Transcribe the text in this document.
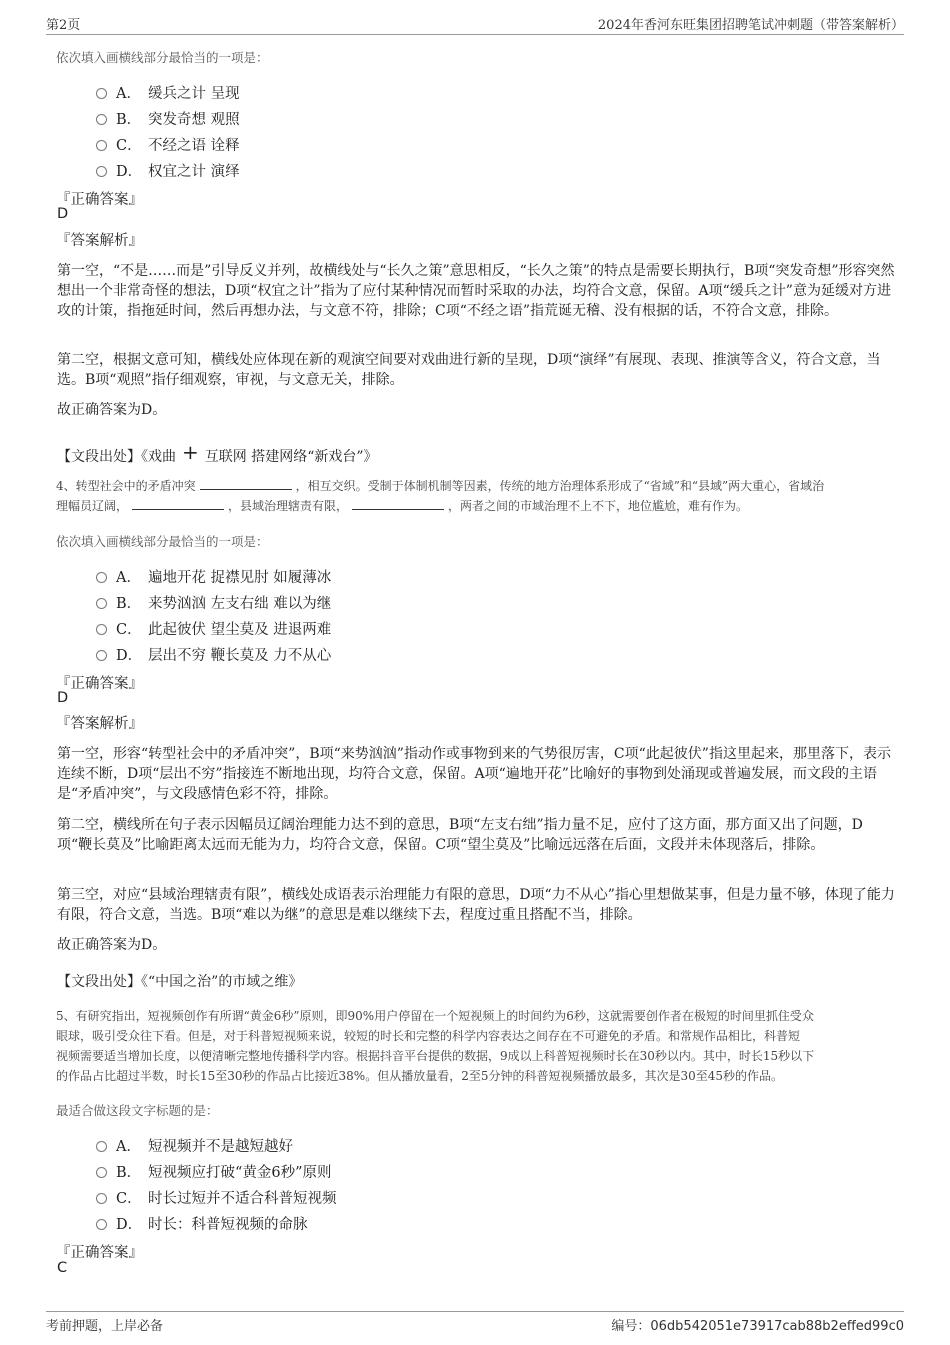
第2页	2024年香河东旺集团招聘笔试冲刺题（带答案解析）
依次填入画横线部分最恰当的一项是：
A． 缓兵之计 呈现
B． 突发奇想 观照
C． 不经之语 诠释
D． 权宜之计 演绎
『正确答案』
D
『答案解析』
第一空，“不是……而是”引导反义并列，故横线处与“长久之策”意思相反，“长久之策”的特点是需要长期执行，B项“突发奇想”形容突然想出一个非常奇怪的想法，D项“权宜之计”指为了应付某种情况而暂时采取的办法，均符合文意，保留。A项“缓兵之计”意为延缓对方进攻的计策，指拖延时间，然后再想办法，与文意不符，排除；C项“不经之语”指荒诞无稽、没有根据的话，不符合文意，排除。
第二空，根据文意可知，横线处应体现在新的观演空间要对戏曲进行新的呈现，D项“演绎”有展现、表现、推演等含义，符合文意，当选。B项“观照”指仔细观察，审视，与文意无关，排除。
故正确答案为D。
【文段出处】《戏曲 + 互联网 搭建网络“新戏台”》
4、转型社会中的矛盾冲突	，相互交织。受制于体制机制等因素，传统的地方治理体系形成了“省域”和“县域”两大重心，省域治
理幅员辽阔，	，县域治理辖责有限，	，两者之间的市域治理不上不下，地位尴尬，难有作为。
依次填入画横线部分最恰当的一项是：
A． 遍地开花 捉襟见肘 如履薄冰
B． 来势汹汹 左支右绌 难以为继
C． 此起彼伏 望尘莫及 进退两难
D． 层出不穷 鞭长莫及 力不从心
『正确答案』
D
『答案解析』
第一空，形容“转型社会中的矛盾冲突”，B项“来势汹汹”指动作或事物到来的气势很厉害，C项“此起彼伏”指这里起来，那里落下，表示连续不断，D项“层出不穷”指接连不断地出现，均符合文意，保留。A项“遍地开花”比喻好的事物到处涌现或普遍发展，而文段的主语是“矛盾冲突”，与文段感情色彩不符，排除。
第二空，横线所在句子表示因幅员辽阔治理能力达不到的意思，B项“左支右绌”指力量不足，应付了这方面，那方面又出了问题，D项“鞭长莫及”比喻距离太远而无能为力，均符合文意，保留。C项“望尘莫及”比喻远远落在后面，文段并未体现落后，排除。
第三空，对应“县域治理辖责有限”，横线处成语表示治理能力有限的意思，D项“力不从心”指心里想做某事，但是力量不够，体现了能力有限，符合文意，当选。B项“难以为继”的意思是难以继续下去，程度过重且搭配不当，排除。
故正确答案为D。
【文段出处】《“中国之治”的市域之维》
5、有研究指出，短视频创作有所谓“黄金6秒”原则，即90%用户停留在一个短视频上的时间约为6秒，这就需要创作者在极短的时间里抓住受众
眼球，吸引受众往下看。但是，对于科普短视频来说，较短的时长和完整的科学内容表达之间存在不可避免的矛盾。和常规作品相比，科普短
视频需要适当增加长度，以便清晰完整地传播科学内容。根据抖音平台提供的数据，9成以上科普短视频时长在30秒以内。其中，时长15秒以下
的作品占比超过半数，时长15至30秒的作品占比接近38%。但从播放量看，2至5分钟的科普短视频播放最多，其次是30至45秒的作品。
最适合做这段文字标题的是：
A． 短视频并不是越短越好
B． 短视频应打破“黄金6秒”原则
C． 时长过短并不适合科普短视频
D． 时长：科普短视频的命脉
『正确答案』
C
考前押题，上岸必备	编号：06db542051e73917cab88b2effed99c0
